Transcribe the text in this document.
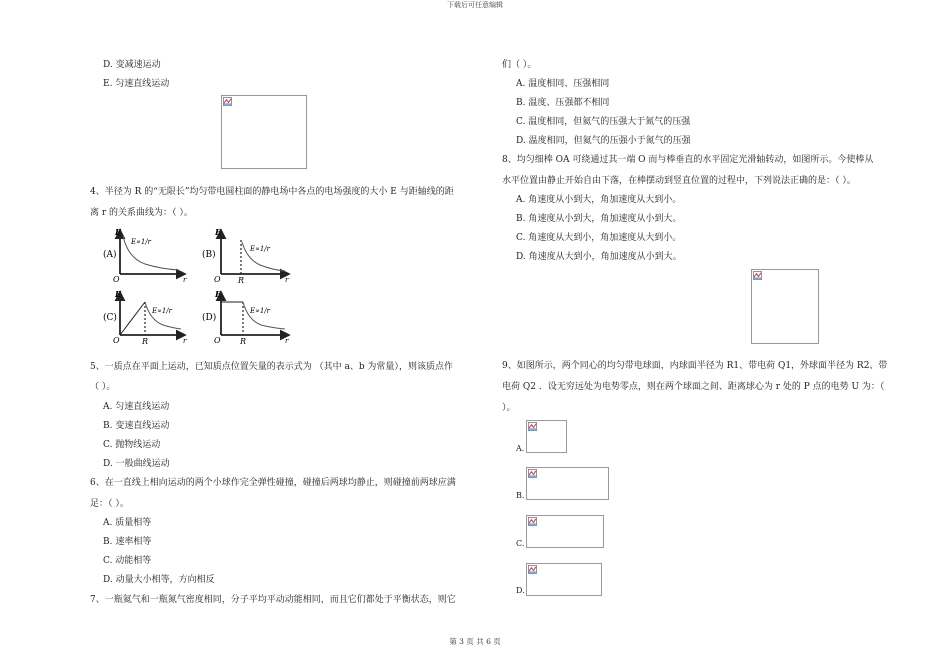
下载后可任意编辑
D. 变减速运动
E. 匀速直线运动
4、半径为 R 的“无限长”均匀带电圆柱面的静电场中各点的电场强度的大小 E 与距轴线的距
离 r 的关系曲线为：（ ）。
(A)
E
O	r
E∝1/r
(B)
E
O R	r
E∝1/r
(C)
E
O	R	r
E∝1/r
(D)
E
O R	r
E∝1/r
5、一质点在平面上运动，已知质点位置矢量的表示式为 （其中 a、b 为常量），则该质点作
（ ）。
A. 匀速直线运动
B. 变速直线运动
C. 抛物线运动
D. 一般曲线运动
6、在一直线上相向运动的两个小球作完全弹性碰撞，碰撞后两球均静止，则碰撞前两球应满
足：（ ）。
A. 质量相等
B. 速率相等
C. 动能相等
D. 动量大小相等，方向相反
7、一瓶氦气和一瓶氮气密度相同，分子平均平动动能相同，而且它们都处于平衡状态，则它
们（ ）。
A. 温度相同、压强相同
B. 温度、压强都不相同
C. 温度相同，但氦气的压强大于氮气的压强
D. 温度相同，但氦气的压强小于氮气的压强
8、均匀细棒 OA 可绕通过其一端 O 而与棒垂直的水平固定光滑轴转动，如图所示。今使棒从
水平位置由静止开始自由下落，在棒摆动到竖直位置的过程中，下列说法正确的是：（ ）。
A. 角速度从小到大，角加速度从大到小。
B. 角速度从小到大，角加速度从小到大。
C. 角速度从大到小，角加速度从大到小。
D. 角速度从大到小，角加速度从小到大。
9、如图所示，两个同心的均匀带电球面，内球面半径为 R1、带电荷 Q1，外球面半径为 R2、带
电荷 Q2 ．设无穷远处为电势零点，则在两个球面之间、距离球心为 r 处的 P 点的电势 U 为：（
）。
A.
B.
C.
D.
第 3 页 共 6 页
